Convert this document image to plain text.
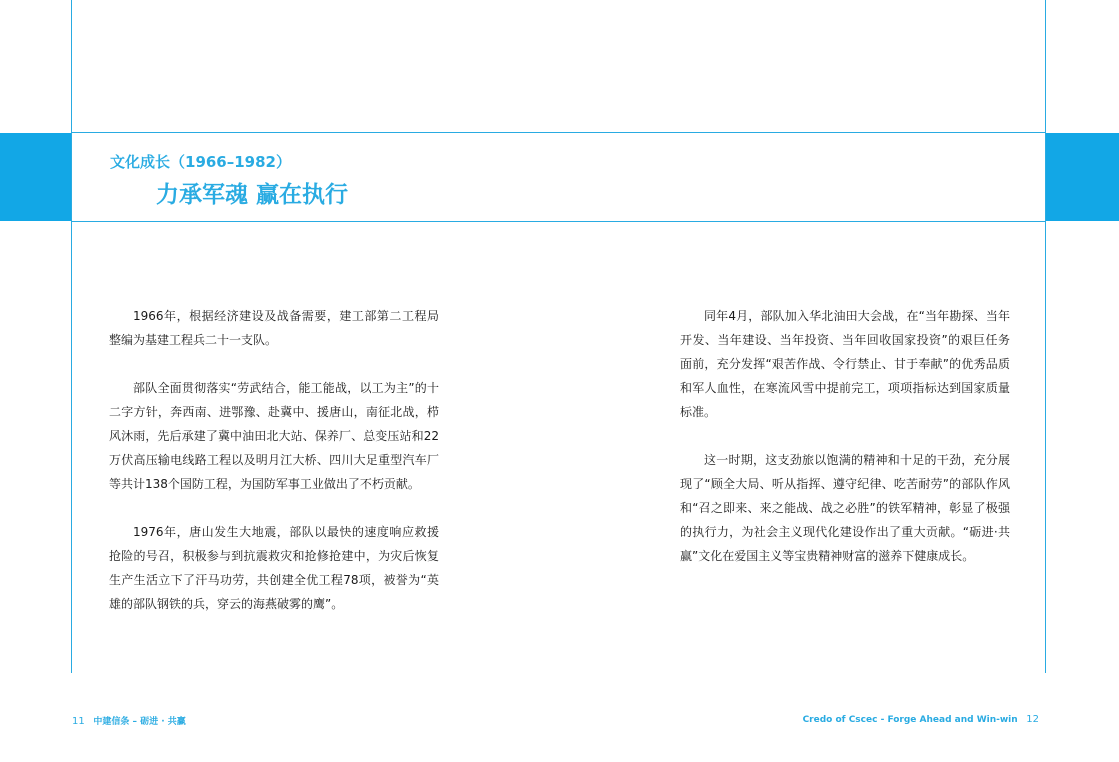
文化成长（1966–1982）
力承军魂 赢在执行

1966年，根据经济建设及战备需要，建工部第二工程局整编为基建工程兵二十一支队。

部队全面贯彻落实“劳武结合，能工能战，以工为主”的十二字方针，奔西南、进鄂豫、赴冀中、援唐山，南征北战，栉风沐雨，先后承建了冀中油田北大站、保养厂、总变压站和22万伏高压输电线路工程以及明月江大桥、四川大足重型汽车厂等共计138个国防工程，为国防军事工业做出了不朽贡献。

1976年，唐山发生大地震，部队以最快的速度响应救援抢险的号召，积极参与到抗震救灾和抢修抢建中，为灾后恢复生产生活立下了汗马功劳，共创建全优工程78项，被誉为“英雄的部队钢铁的兵，穿云的海燕破雾的鹰”。

同年4月，部队加入华北油田大会战，在“当年勘探、当年开发、当年建设、当年投资、当年回收国家投资”的艰巨任务面前，充分发挥“艰苦作战、令行禁止、甘于奉献”的优秀品质和军人血性，在寒流风雪中提前完工，项项指标达到国家质量标准。

这一时期，这支劲旅以饱满的精神和十足的干劲，充分展现了“顾全大局、听从指挥、遵守纪律、吃苦耐劳”的部队作风和“召之即来、来之能战、战之必胜”的铁军精神，彰显了极强的执行力，为社会主义现代化建设作出了重大贡献。“砺进·共赢”文化在爱国主义等宝贵精神财富的滋养下健康成长。

11 中建信条 – 砺进 · 共赢	Credo of Cscec - Forge Ahead and Win-win 12
